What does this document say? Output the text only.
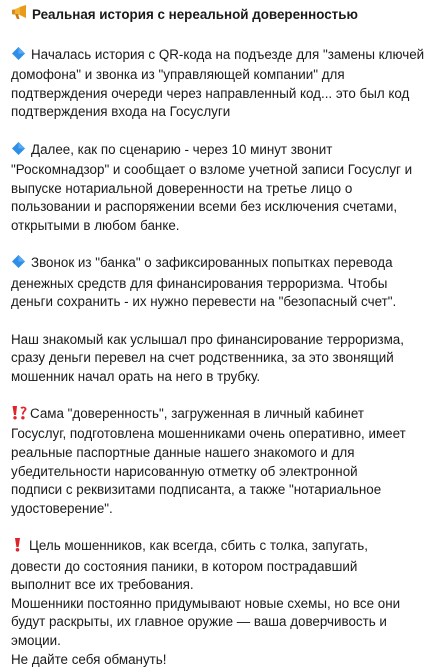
Реальная история с нереальной доверенностью
Началась история с QR-кода на подъезде для "замены ключей
домофона" и звонка из "управляющей компании" для
подтверждения очереди через направленный код... это был код
подтверждения входа на Госуслуги
Далее, как по сценарию - через 10 минут звонит
"Роскомнадзор" и сообщает о взломе учетной записи Госуслуг и
выпуске нотариальной доверенности на третье лицо о
пользовании и распоряжении всеми без исключения счетами,
открытыми в любом банке.
Звонок из "банка" о зафиксированных попытках перевода
денежных средств для финансирования терроризма. Чтобы
деньги сохранить - их нужно перевести на "безопасный счет".
Наш знакомый как услышал про финансирование терроризма,
сразу деньги перевел на счет родственника, за это звонящий
мошенник начал орать на него в трубку.
Сама "доверенность", загруженная в личный кабинет
Госуслуг, подготовлена мошенниками очень оперативно, имеет
реальные паспортные данные нашего знакомого и для
убедительности нарисованную отметку об электронной
подписи с реквизитами подписанта, а также "нотариальное
удостоверение".
Цель мошенников, как всегда, сбить с толка, запугать,
довести до состояния паники, в котором пострадавший
выполнит все их требования.
Мошенники постоянно придумывают новые схемы, но все они
будут раскрыты, их главное оружие — ваша доверчивость и
эмоции.
Не дайте себя обмануть!
